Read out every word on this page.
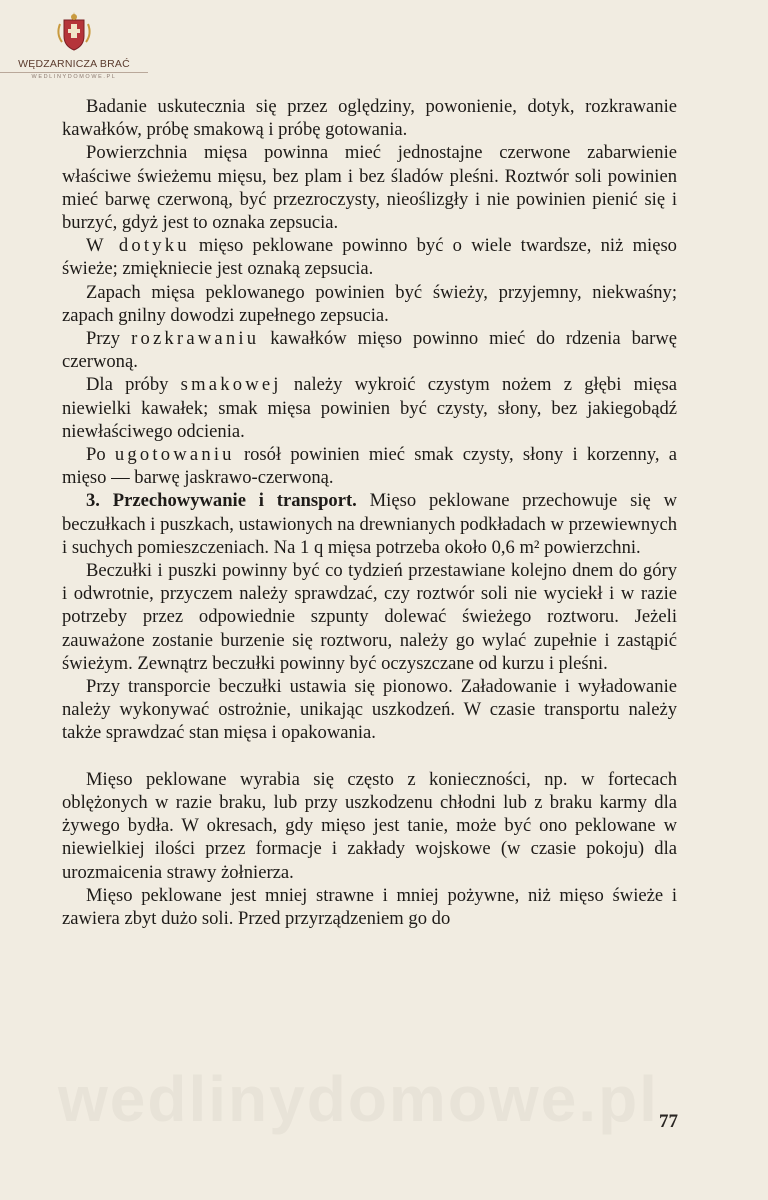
WĘDZARNICZA BRAĆ
WEDLINYDOMOWE.PL

Badanie uskutecznia się przez oględziny, powonienie, dotyk, rozkrawanie kawałków, próbę smakową i próbę gotowania.

Powierzchnia mięsa powinna mieć jednostajne czerwone zabarwienie właściwe świeżemu mięsu, bez plam i bez śladów pleśni. Roztwór soli powinien mieć barwę czerwoną, być przezroczysty, nieoślizgły i nie powinien pienić się i burzyć, gdyż jest to oznaka zepsucia.

W dotyku mięso peklowane powinno być o wiele twardsze, niż mięso świeże; zmiękniecie jest oznaką zepsucia.

Zapach mięsa peklowanego powinien być świeży, przyjemny, niekwaśny; zapach gnilny dowodzi zupełnego zepsucia.

Przy rozkrawaniu kawałków mięso powinno mieć do rdzenia barwę czerwoną.

Dla próby smakowej należy wykroić czystym nożem z głębi mięsa niewielki kawałek; smak mięsa powinien być czysty, słony, bez jakiegobądź niewłaściwego odcienia.

Po ugotowaniu rosół powinien mieć smak czysty, słony i korzenny, a mięso — barwę jaskrawo-czerwoną.

3. Przechowywanie i transport. Mięso peklowane przechowuje się w beczułkach i puszkach, ustawionych na drewnianych podkładach w przewiewnych i suchych pomieszczeniach. Na 1 q mięsa potrzeba około 0,6 m² powierzchni.

Beczułki i puszki powinny być co tydzień przestawiane kolejno dnem do góry i odwrotnie, przyczem należy sprawdzać, czy roztwór soli nie wyciekł i w razie potrzeby przez odpowiednie szpunty dolewać świeżego roztworu. Jeżeli zauważone zostanie burzenie się roztworu, należy go wylać zupełnie i zastąpić świeżym. Zewnątrz beczułki powinny być oczyszczane od kurzu i pleśni.

Przy transporcie beczułki ustawia się pionowo. Załadowanie i wyładowanie należy wykonywać ostrożnie, unikając uszkodzeń. W czasie transportu należy także sprawdzać stan mięsa i opakowania.

Mięso peklowane wyrabia się często z konieczności, np. w fortecach oblężonych w razie braku, lub przy uszkodzenu chłodni lub z braku karmy dla żywego bydła. W okresach, gdy mięso jest tanie, może być ono peklowane w niewielkiej ilości przez formacje i zakłady wojskowe (w czasie pokoju) dla urozmaicenia strawy żołnierza.

Mięso peklowane jest mniej strawne i mniej pożywne, niż mięso świeże i zawiera zbyt dużo soli. Przed przyrządzeniem go do

wedlinydomowe.pl 77
